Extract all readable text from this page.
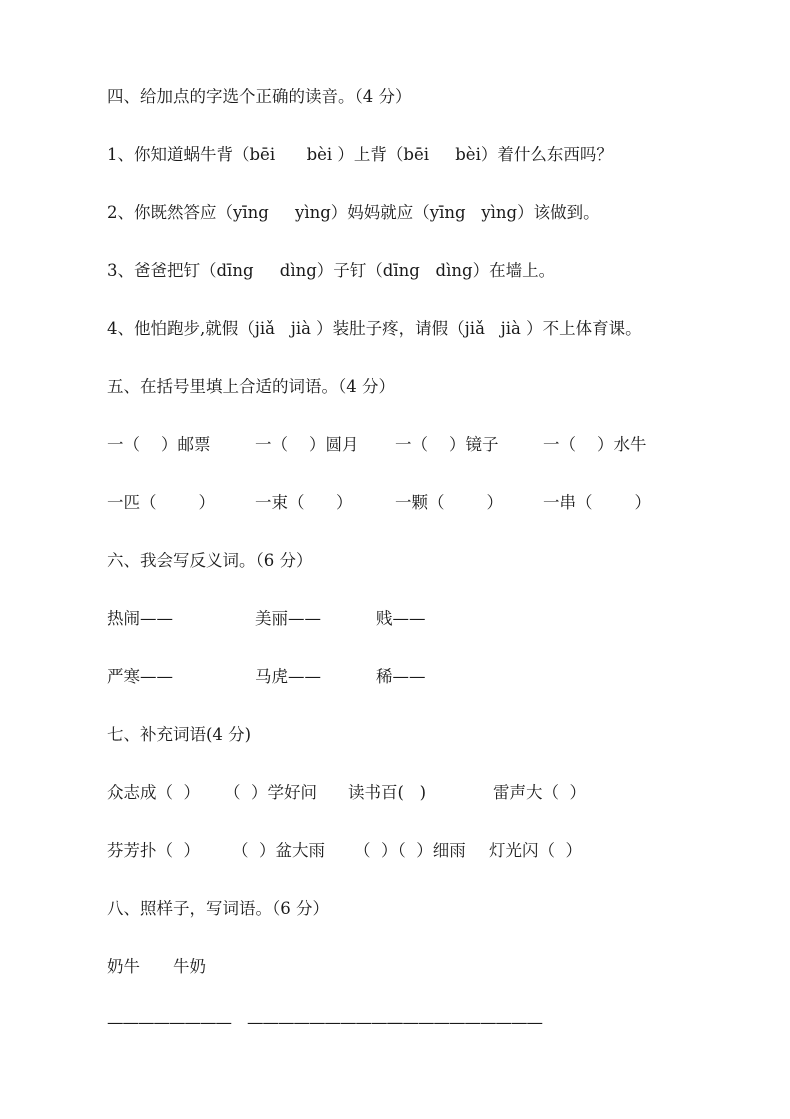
四、给加点的字选个正确的读音。（4 分）
1、你知道蜗牛背（bēi      bèi ）上背（bēi     bèi）着什么东西吗？
2、你既然答应（yīng     yìng）妈妈就应（yīng   yìng）该做到。
3、爸爸把钉（dīng     dìng）子钉（dīng   dìng）在墙上。
4、他怕跑步,就假（jiǎ   jià ）装肚子疼，请假（jiǎ   jià ）不上体育课。
五、在括号里填上合适的词语。（4 分）
一（    ）邮票	一（    ）圆月 一（    ）镜子	一（    ）水牛
一匹（        ） 一束（      ）	一颗（        ） 一串（        ）
六、我会写反义词。（6 分）
热闹——	美丽——	贱——
严寒——	马虎——	稀——
七、补充词语(4 分)
众志成（  ） （  ）学好问 读书百(   )	雷声大（  ）
芬芳扑（  ） （  ）盆大雨 （  ）（  ）细雨 灯光闪（  ）
八、照样子，写词语。（6 分）
奶牛 牛奶
———————— ——————————
——————————
